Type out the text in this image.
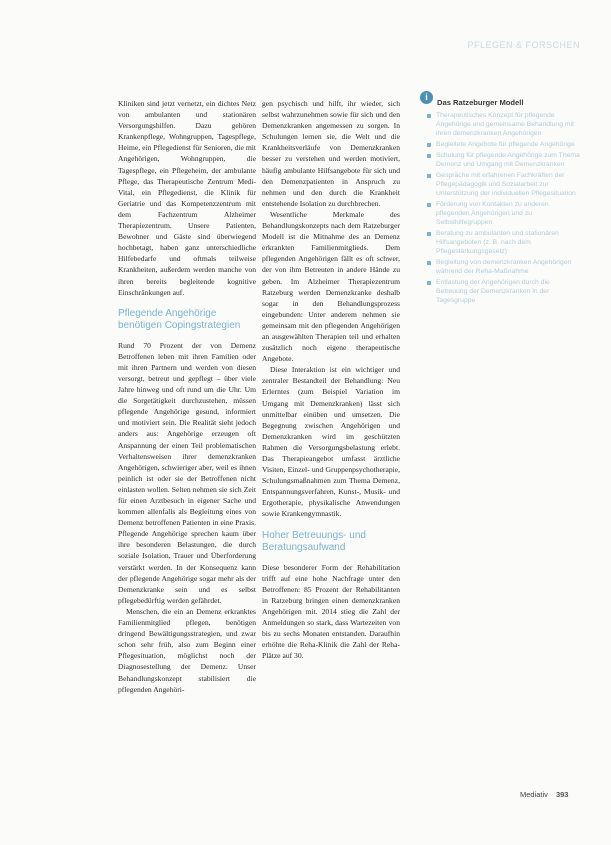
PFLEGEN & FORSCHEN

Kliniken sind jetzt vernetzt, ein dichtes Netz von ambulanten und stationären Versorgungshilfen. Dazu gehören Krankenpflege, Wohngruppen, Tagespflege, Heime, ein Pflegedienst für Senioren, die mit Angehörigen, Wohngruppen, die Tagespflege, ein Pflegeheim, der ambulante Pflege, das Therapeutische Zentrum Medi-Vital, ein Pflegedienst, die Klinik für Geriatrie und das Kompetenzzentrum mit dem Fachzentrum Alzheimer Therapiezentrum. Unsere Patienten, Bewohner und Gäste sind überwiegend hochbetagt, haben ganz unterschiedliche Hilfebedarfe und oftmals teilweise Krankheiten, außerdem werden manche von ihren bereits begleitende kognitive Einschränkungen auf.

Pflegende Angehörige benötigen Copingstrategien

Rund 70 Prozent der von Demenz Betroffenen leben mit ihren Familien oder mit ihren Partnern und werden von diesen versorgt, betreut und gepflegt – über viele Jahre hinweg und oft rund um die Uhr. Um die Sorgetätigkeit durchzustehen, müssen pflegende Angehörige gesund, informiert und motiviert sein. Die Realität sieht jedoch anders aus: Angehörige erzeugen oft Anspannung der einen Teil problematischen Verhaltensweisen ihrer demenzkranken Angehörigen, schwieriger aber, weil es ihnen peinlich ist oder sie der Betroffenen nicht einlasten wollen. Selten nehmen sie sich Zeit für einen Arztbesuch in eigener Sache und kommen allenfalls als Begleitung eines von Demenz betroffenen Patienten in eine Praxis. Pflegende Angehörige sprechen kaum über ihre besonderen Belastungen, die durch soziale Isolation, Trauer und Überforderung verstärkt werden. In der Konsequenz kann der pflegende Angehörige sogar mehr als der Demenzkranke sein und es selbst pflegebedürftig werden gefährdet.

Menschen, die ein an Demenz erkranktes Familienmitglied pflegen, benötigen dringend Bewältigungsstrategien, und zwar schon sehr früh, also zum Beginn einer Pflegesituation, möglichst noch der Diagnosestellung der Demenz. Unser Behandlungskonzept stabilisiert die pflegenden Angehöri-

gen psychisch und hilft, ihr wieder, sich selbst wahrzunehmen sowie für sich und den Demenzkranken angemessen zu sorgen. In Schulungen lernen sie, die Welt und die Krankheitsverläufe von Demenzkranken besser zu verstehen und werden motiviert, häufig ambulante Hilfsangebote für sich und den Demenzpatienten in Anspruch zu nehmen und den durch die Krankheit entstehende Isolation zu durchbrechen.

Wesentliche Merkmale des Behandlungskonzepts nach dem Ratzeburger Modell ist die Mitnahme des an Demenz erkrankten Familienmitglieds. Dem pflegenden Angehörigen fällt es oft schwer, der von ihm Betreuten in andere Hände zu geben. Im Alzheimer Therapiezentrum Ratzeburg werden Demenzkranke deshalb sogar in den Behandlungsprozess eingebunden: Unter anderem nehmen sie gemeinsam mit den pflegenden Angehörigen an ausgewählten Therapien teil und erhalten zusätzlich noch eigene therapeutische Angebote.

Diese Interaktion ist ein wichtiger und zentraler Bestandteil der Behandlung: Neu Erlerntes (zum Beispiel Variation im Umgang mit Demenzkranken) lässt sich unmittelbar einüben und umsetzen. Die Begegnung zwischen Angehörigen und Demenzkranken wird im geschützten Rahmen die Versorgungsbelastung erlebt. Das Therapieangebot umfasst ärztliche Visiten, Einzel- und Gruppenpsychotherapie, Schulungsmaßnahmen zum Thema Demenz, Entspannungsverfahren, Kunst-, Musik- und Ergotherapie, physikalische Anwendungen sowie Krankengymnastik.

Hoher Betreuungs- und Beratungsaufwand

Diese besonderer Form der Rehabilitation trifft auf eine hohe Nachfrage unter den Betroffenen: 85 Prozent der Rehabilitanten in Ratzeburg bringen einen demenzkranken Angehörigen mit. 2014 stieg die Zahl der Anmeldungen so stark, dass Wartezeiten von bis zu sechs Monaten entstanden. Daraufhin erhöhte die Reha-Klinik die Zahl der Reha-Plätze auf 30.

i
Das Ratzeburger Modell
Therapeutisches Konzept für pflegende Angehörige und gemeinsame Behandlung mit ihren demenzkranken Angehörigen
Begleitete Angebote für pflegende Angehörige
Schulung für pflegende Angehörige zum Thema Demenz und Umgang mit Demenzkranken
Gespräche mit erfahrenen Fachkräften der Pflegepädagogik und Sozialarbeit zur Unterstützung der individuellen Pflegesituation
Förderung von Kontakten zu anderen pflegenden Angehörigen und zu Selbsthilfegruppen
Beratung zu ambulanten und stationären Hilfsangeboten (z. B. nach dem Pflegestärkungsgesetz)
Begleitung von demenzkranken Angehörigen während der Reha-Maßnahme
Entlastung der Angehörigen durch die Betreuung der Demenzkranken in der Tagesgruppe
Mediativ 393
